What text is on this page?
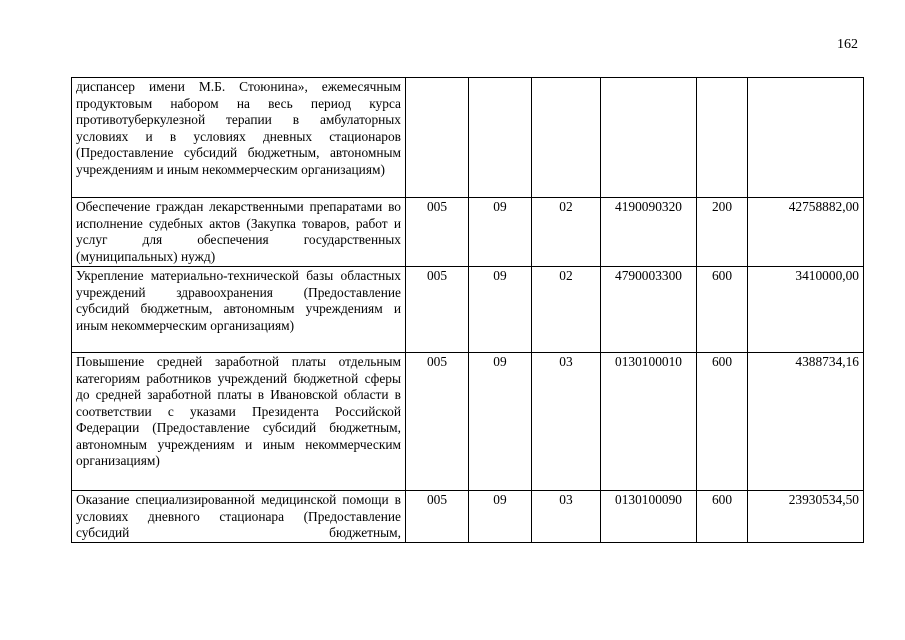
162
диспансер имени М.Б. Стоюнина», ежемесячным продуктовым набором на весь период курса противотуберкулезной терапии в амбулаторных условиях и в условиях дневных стационаров (Предоставление субсидий бюджетным, автономным учреждениям и иным некоммерческим организациям)						
Обеспечение граждан лекарственными препаратами во исполнение судебных актов (Закупка товаров, работ и услуг для обеспечения государственных (муниципальных) нужд)	005	09	02	4190090320	200	42758882,00
Укрепление материально-технической базы областных учреждений здравоохранения (Предоставление субсидий бюджетным, автономным учреждениям и иным некоммерческим организациям)	005	09	02	4790003300	600	3410000,00
Повышение средней заработной платы отдельным категориям работников учреждений бюджетной сферы до средней заработной платы в Ивановской области в соответствии с указами Президента Российской Федерации (Предоставление субсидий бюджетным, автономным учреждениям и иным некоммерческим организациям)	005	09	03	0130100010	600	4388734,16
Оказание специализированной медицинской помощи в условиях дневного стационара (Предоставление субсидий бюджетным,	005	09	03	0130100090	600	23930534,50
